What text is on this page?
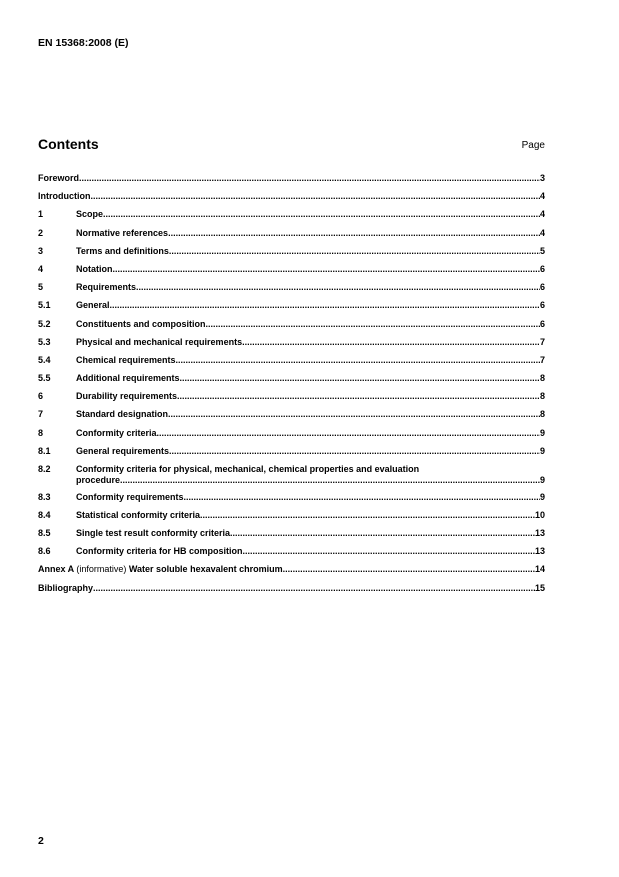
EN 15368:2008 (E)
Contents	Page
Foreword .....	3
Introduction .....	4
1	Scope .....	4
2	Normative references .....	4
3	Terms and definitions .....	5
4	Notation .....	6
5	Requirements .....	6
5.1	General .....	6
5.2	Constituents and composition .....	6
5.3	Physical and mechanical requirements .....	7
5.4	Chemical requirements .....	7
5.5	Additional requirements .....	8
6	Durability requirements .....	8
7	Standard designation .....	8
8	Conformity criteria .....	9
8.1	General requirements .....	9
8.2	Conformity criteria for physical, mechanical, chemical properties and evaluation
procedure .....	9
8.3	Conformity requirements .....	9
8.4	Statistical conformity criteria .....	10
8.5	Single test result conformity criteria .....	13
8.6	Conformity criteria for HB composition .....	13
Annex A (informative) Water soluble hexavalent chromium .....	14
Bibliography .....	15
2
